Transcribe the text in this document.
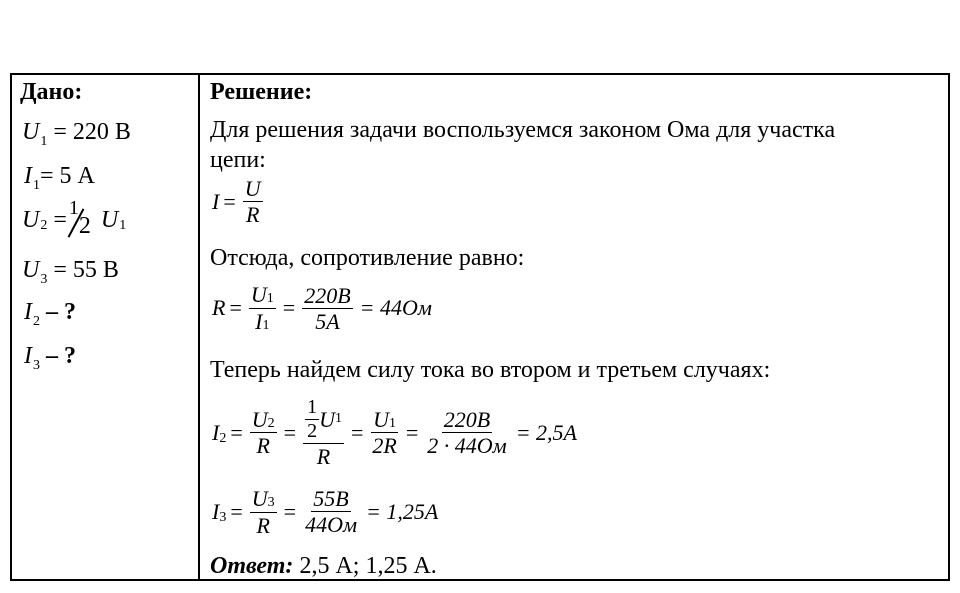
Дано:
$U_1 = 220$ В
$I_1= 5$ А
U 2 = 1
2 U 1
$U_3 = 55$ В
$I_2$ – ?
$I_3$ – ?
Решение:
Для решения задачи воспользуемся законом Ома для участка
цепи:
$I = \frac{U}{R}$
Отсюда, сопротивление равно:
$R = \frac{U1}{I1} = \frac{220B}{5A} = 44Ом$
Теперь найдем силу тока во втором и третьем случаях:
I $2 = \frac{U2}{R} = \frac{\frac{1}{2} U 1}{R} = \frac{U1}{2R} = \frac{220B}{2 \cdot 44Ом} = 2,5A$
I $3 = \frac{U3}{R} = \frac{55B}{44Ом} = 1,25A$
Ответ: 2,5 А; 1,25 А.
